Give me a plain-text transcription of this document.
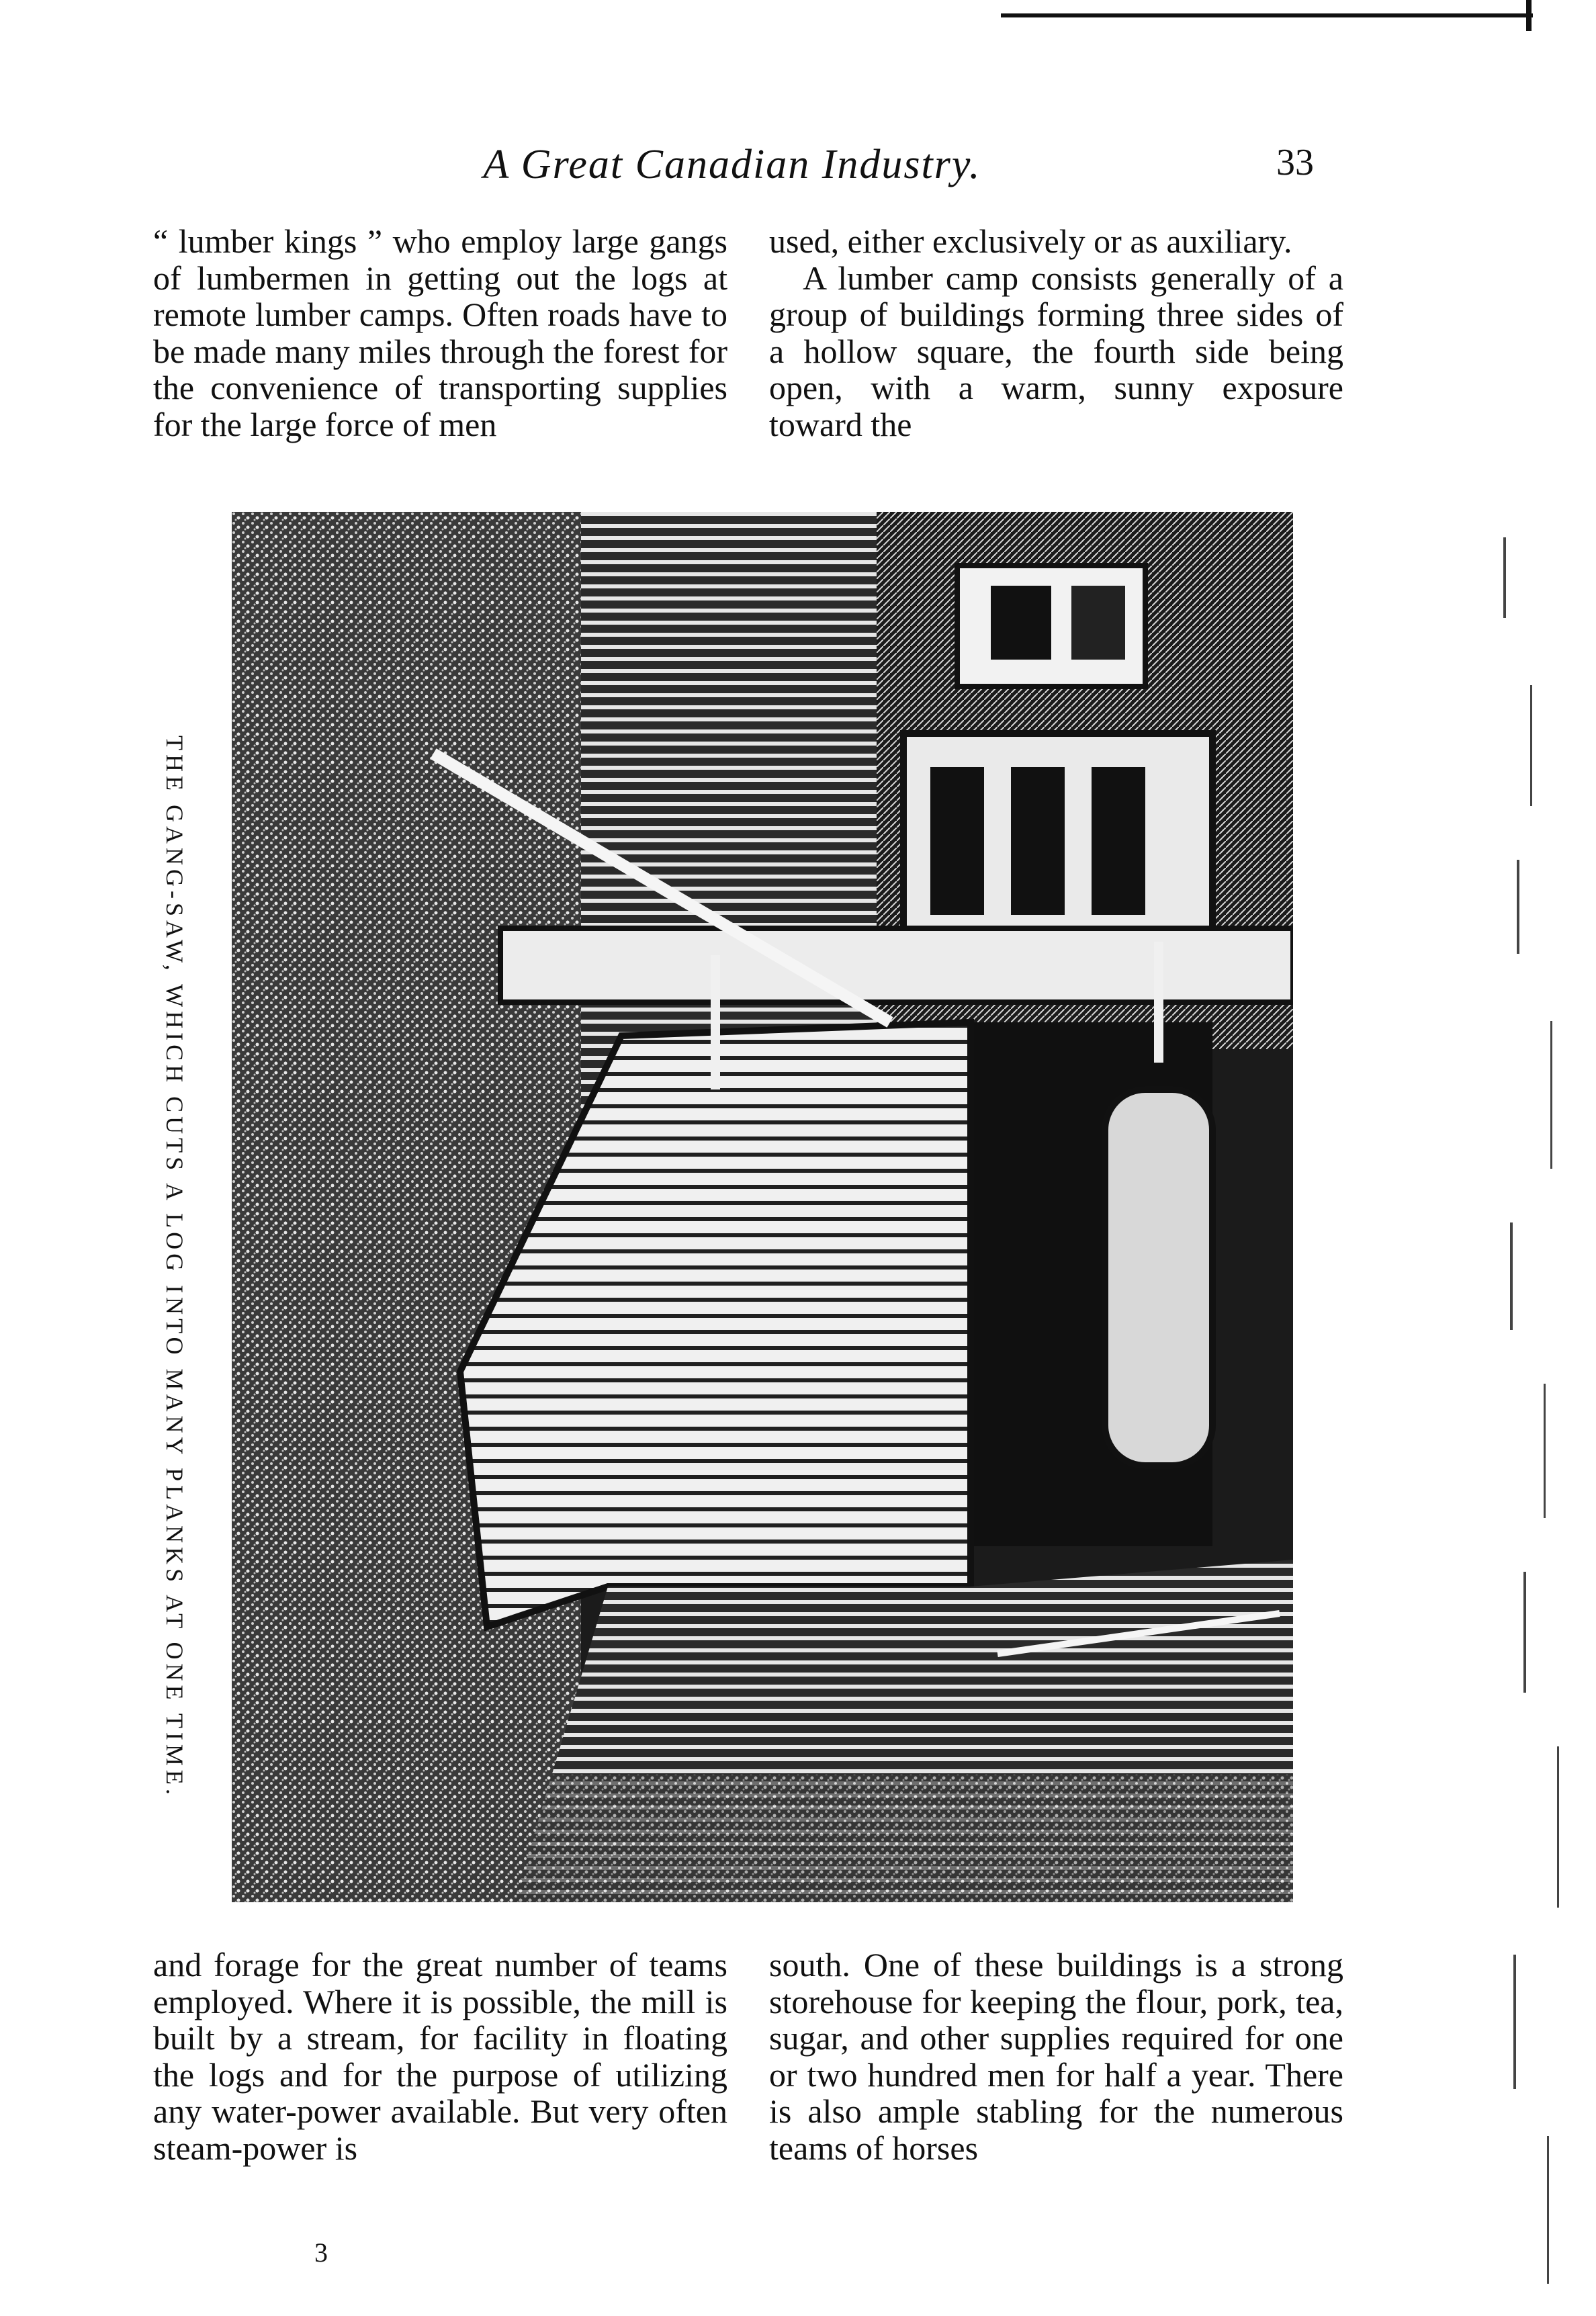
A Great Canadian Industry.	33

“ lumber kings ” who employ large gangs of lumbermen in getting out the logs at remote lumber camps. Often roads have to be made many miles through the forest for the convenience of transporting supplies for the large force of men

used, either exclusively or as auxiliary.

A lumber camp consists generally of a group of buildings forming three sides of a hollow square, the fourth side being open, with a warm, sunny exposure toward the

THE GANG-SAW, WHICH CUTS A LOG INTO MANY PLANKS AT ONE TIME.

and forage for the great number of teams employed. Where it is possible, the mill is built by a stream, for facility in floating the logs and for the purpose of utilizing any water-power available. But very often steam-power is

south. One of these buildings is a strong storehouse for keeping the flour, pork, tea, sugar, and other supplies required for one or two hundred men for half a year. There is also ample stabling for the numerous teams of horses

3
